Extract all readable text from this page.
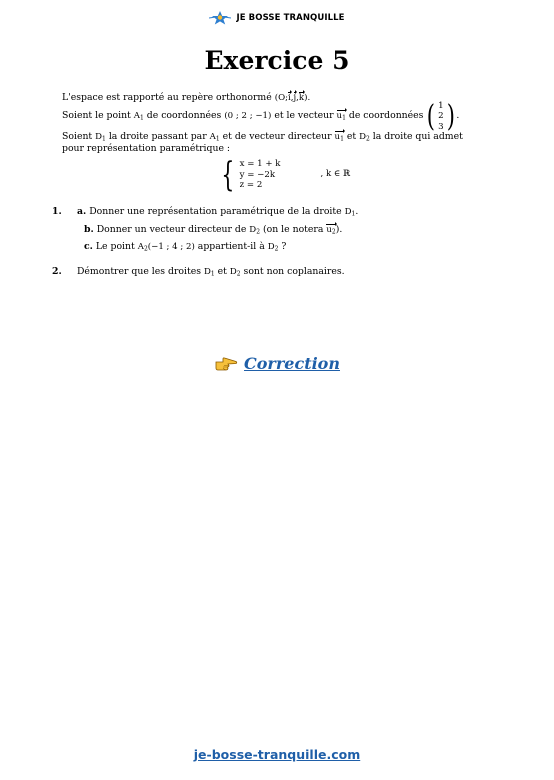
JE BOSSE TRANQUILLE
Exercice 5
L'espace est rapporté au repère orthonormé (O;i,j,k).
Soient le point
$A_1$
de coordonnées
(0 ; 2 ; −1)
et le vecteur
$u_1$
de coordonnées ( 1
2
3 ) .
Soient $D_1$ la droite passant par $A_1$ et de vecteur directeur $u_1$ et $D_2$ la droite qui admet
pour représentation paramétrique :
{ x = 1 + k
y = −2k
z = 2
, k ∈ ℝ
1. a. Donner une représentation paramétrique de la droite $D_1$.
b. Donner un vecteur directeur de $D_2$ (on le notera $u_2$).
c. Le point $A_2(-1$ ; 4 ; 2) appartient-il à $D_2$ ?
2. Démontrer que les droites $D_1$ et $D_2$ sont non coplanaires.
Correction
je-bosse-tranquille.com
